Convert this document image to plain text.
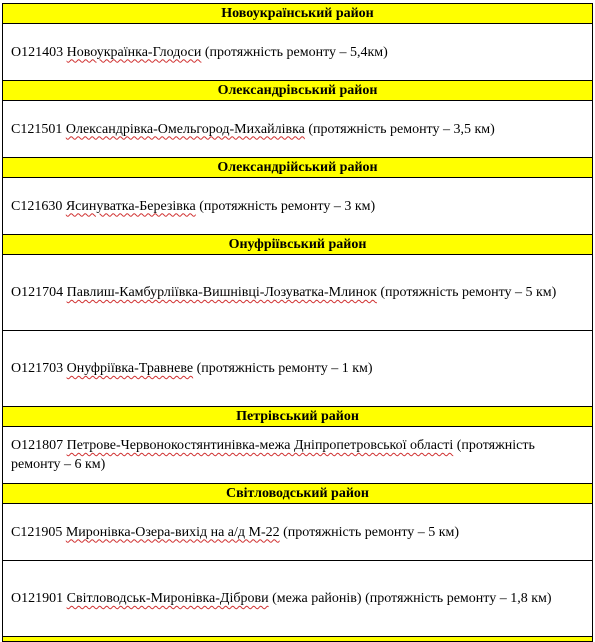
Новоукраїнський район
О121403 Новоукраїнка-Глодоси (протяжність ремонту – 5,4км)
Олександрівський район
С121501 Олександрівка-Омельгород-Михайлівка (протяжність ремонту – 3,5 км)
Олександрійський район
С121630 Ясинуватка-Березівка (протяжність ремонту – 3 км)
Онуфріївський район
О121704 Павлиш-Камбурліївка-Вишнівці-Лозуватка-Млинок (протяжність ремонту – 5 км)
О121703 Онуфріївка-Травневе (протяжність ремонту – 1 км)
Петрівський район
О121807 Петрове-Червонокостянтинівка-межа Дніпропетровської області (протяжність ремонту – 6 км)
Світловодський район
С121905 Миронівка-Озера-вихід на а/д М-22 (протяжність ремонту – 5 км)
О121901 Світловодськ-Миронівка-Діброви (межа районів) (протяжність ремонту – 1,8 км)
